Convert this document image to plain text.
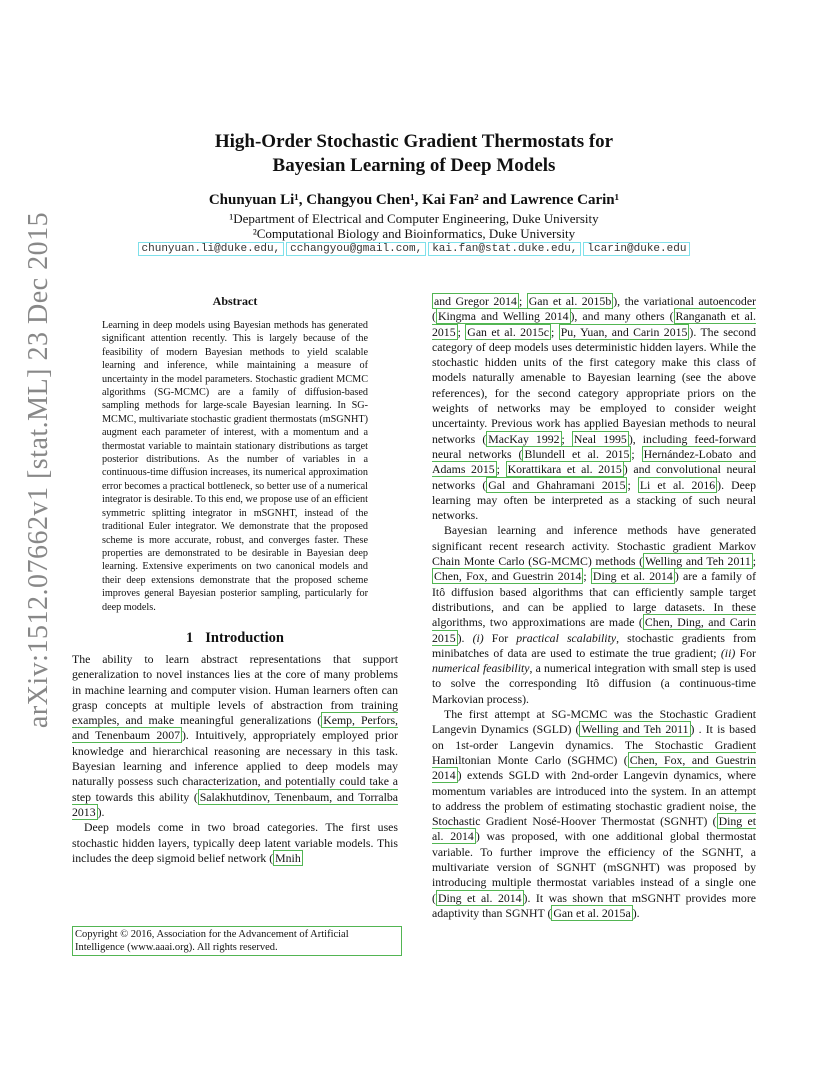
arXiv:1512.07662v1 [stat.ML] 23 Dec 2015
High-Order Stochastic Gradient Thermostats for
Bayesian Learning of Deep Models
Chunyuan Li¹, Changyou Chen¹, Kai Fan² and Lawrence Carin¹
¹Department of Electrical and Computer Engineering, Duke University
²Computational Biology and Bioinformatics, Duke University
chunyuan.li@duke.edu, cchangyou@gmail.com, kai.fan@stat.duke.edu, lcarin@duke.edu
Abstract
Learning in deep models using Bayesian methods has generated significant attention recently. This is largely because of the feasibility of modern Bayesian methods to yield scalable learning and inference, while maintaining a measure of uncertainty in the model parameters. Stochastic gradient MCMC algorithms (SG-MCMC) are a family of diffusion-based sampling methods for large-scale Bayesian learning. In SG-MCMC, multivariate stochastic gradient thermostats (mSGNHT) augment each parameter of interest, with a momentum and a thermostat variable to maintain stationary distributions as target posterior distributions. As the number of variables in a continuous-time diffusion increases, its numerical approximation error becomes a practical bottleneck, so better use of a numerical integrator is desirable. To this end, we propose use of an efficient symmetric splitting integrator in mSGNHT, instead of the traditional Euler integrator. We demonstrate that the proposed scheme is more accurate, robust, and converges faster. These properties are demonstrated to be desirable in Bayesian deep learning. Extensive experiments on two canonical models and their deep extensions demonstrate that the proposed scheme improves general Bayesian posterior sampling, particularly for deep models.
1 Introduction

The ability to learn abstract representations that support generalization to novel instances lies at the core of many problems in machine learning and computer vision. Human learners often can grasp concepts at multiple levels of abstraction from training examples, and make meaningful generalizations ( Kemp, Perfors, and Tenenbaum 2007 ). Intuitively, appropriately employed prior knowledge and hierarchical reasoning are necessary in this task. Bayesian learning and inference applied to deep models may naturally possess such characterization, and potentially could take a step towards this ability ( Salakhutdinov, Tenenbaum, and Torralba 2013 ).

Deep models come in two broad categories. The first uses stochastic hidden layers, typically deep latent variable models. This includes the deep sigmoid belief network ( Mnih

Copyright © 2016, Association for the Advancement of Artificial Intelligence (www.aaai.org). All rights reserved.

and Gregor 2014 ; Gan et al. 2015b ), the variational autoencoder ( Kingma and Welling 2014 ), and many others ( Ranganath et al. 2015 ; Gan et al. 2015c ; Pu, Yuan, and Carin 2015 ). The second category of deep models uses deterministic hidden layers. While the stochastic hidden units of the first category make this class of models naturally amenable to Bayesian learning (see the above references), for the second category appropriate priors on the weights of networks may be employed to consider weight uncertainty. Previous work has applied Bayesian methods to neural networks ( MacKay 1992 ; Neal 1995 ), including feed-forward neural networks ( Blundell et al. 2015 ; Hernández-Lobato and Adams 2015 ; Korattikara et al. 2015 ) and convolutional neural networks ( Gal and Ghahramani 2015 ; Li et al. 2016 ). Deep learning may often be interpreted as a stacking of such neural networks.

Bayesian learning and inference methods have generated significant recent research activity. Stochastic gradient Markov Chain Monte Carlo (SG-MCMC) methods ( Welling and Teh 2011 ; Chen, Fox, and Guestrin 2014 ; Ding et al. 2014 ) are a family of Itô diffusion based algorithms that can efficiently sample target distributions, and can be applied to large datasets. In these algorithms, two approximations are made ( Chen, Ding, and Carin 2015 ). (i) For practical scalability, stochastic gradients from minibatches of data are used to estimate the true gradient; (ii) For numerical feasibility, a numerical integration with small step is used to solve the corresponding Itô diffusion (a continuous-time Markovian process).

The first attempt at SG-MCMC was the Stochastic Gradient Langevin Dynamics (SGLD) ( Welling and Teh 2011 ) . It is based on 1st-order Langevin dynamics. The Stochastic Gradient Hamiltonian Monte Carlo (SGHMC) ( Chen, Fox, and Guestrin 2014 ) extends SGLD with 2nd-order Langevin dynamics, where momentum variables are introduced into the system. In an attempt to address the problem of estimating stochastic gradient noise, the Stochastic Gradient Nosé-Hoover Thermostat (SGNHT) ( Ding et al. 2014 ) was proposed, with one additional global thermostat variable. To further improve the efficiency of the SGNHT, a multivariate version of SGNHT (mSGNHT) was proposed by introducing multiple thermostat variables instead of a single one ( Ding et al. 2014 ). It was shown that mSGNHT provides more adaptivity than SGNHT ( Gan et al. 2015a ).
